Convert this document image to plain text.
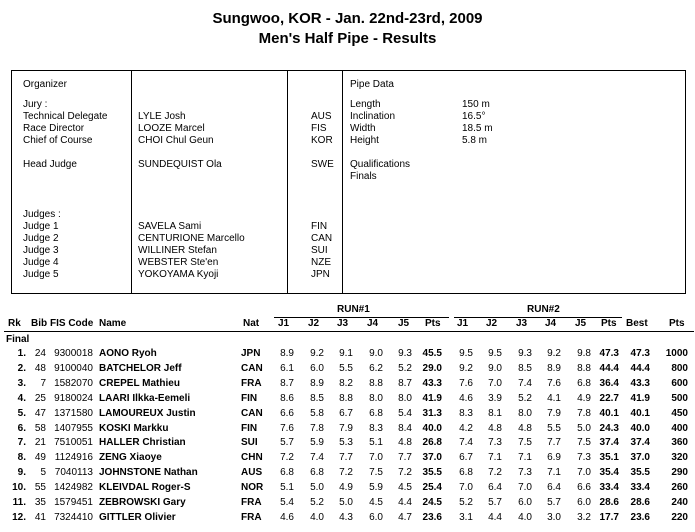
Sungwoo, KOR - Jan. 22nd-23rd, 2009
Men's Half Pipe - Results
Organizer
Jury :
Technical Delegate	LYLE Josh	AUS
Race Director	LOOZE Marcel	FIS
Chief of Course	CHOI Chul Geun	KOR
Head Judge	SUNDEQUIST Ola	SWE
Judges :
Judge 1	SAVELA Sami	FIN
Judge 2	CENTURIONE Marcello	CAN
Judge 3	WILLINER Stefan	SUI
Judge 4	WEBSTER Ste'en	NZE
Judge 5	YOKOYAMA Kyoji	JPN
Pipe Data
Length	150 m
Inclination	16.5°
Width	18.5 m
Height	5.8 m
Qualifications
Finals
RUN#1	RUN#2
Rk Bib FIS Code Name	Nat J1 J2 J3 J4 J5 Pts J1 J2 J3 J4 J5 Pts Best Pts
Final
1. 24 9300018 AONO Ryoh	JPN	8.9	9.2	9.1	9.0	9.3	45.5	9.5	9.5	9.3	9.2	9.8 47.3	47.3	1000
2. 48 9100040 BATCHELOR Jeff	CAN	6.1	6.0	5.5	6.2	5.2	29.0	9.2	9.0	8.5	8.9	8.8 44.4	44.4	800
3.	7 1582070 CREPEL Mathieu	FRA	8.7	8.9	8.2	8.8	8.7	43.3	7.6	7.0	7.4	7.6	6.8 36.4	43.3	600
4. 25 9180024 LAARI Ilkka-Eemeli	FIN	8.6	8.5	8.8	8.0	8.0	41.9	4.6	3.9	5.2	4.1	4.9 22.7	41.9	500
5. 47 1371580 LAMOUREUX Justin	CAN	6.6	5.8	6.7	6.8	5.4	31.3	8.3	8.1	8.0	7.9	7.8 40.1	40.1	450
6. 58 1407955 KOSKI Markku	FIN	7.6	7.8	7.9	8.3	8.4	40.0	4.2	4.8	4.8	5.5	5.0 24.3	40.0	400
7. 21 7510051 HALLER Christian	SUI	5.7	5.9	5.3	5.1	4.8	26.8	7.4	7.3	7.5	7.7	7.5 37.4	37.4	360
8. 49 1124916 ZENG Xiaoye	CHN	7.2	7.4	7.7	7.0	7.7	37.0	6.7	7.1	7.1	6.9	7.3 35.1	37.0	320
9.	5 7040113 JOHNSTONE Nathan	AUS	6.8	6.8	7.2	7.5	7.2	35.5	6.8	7.2	7.3	7.1	7.0 35.4	35.5	290
10. 55 1424982 KLEIVDAL Roger-S	NOR	5.1	5.0	4.9	5.9	4.5	25.4	7.0	6.4	7.0	6.4	6.6 33.4	33.4	260
11. 35 1579451 ZEBROWSKI Gary	FRA	5.4	5.2	5.0	4.5	4.4	24.5	5.2	5.7	6.0	5.7	6.0 28.6	28.6	240
12. 41 7324410 GITTLER Olivier	FRA	4.6	4.0	4.3	6.0	4.7	23.6	3.1	4.4	4.0	3.0	3.2 17.7	23.6	220
